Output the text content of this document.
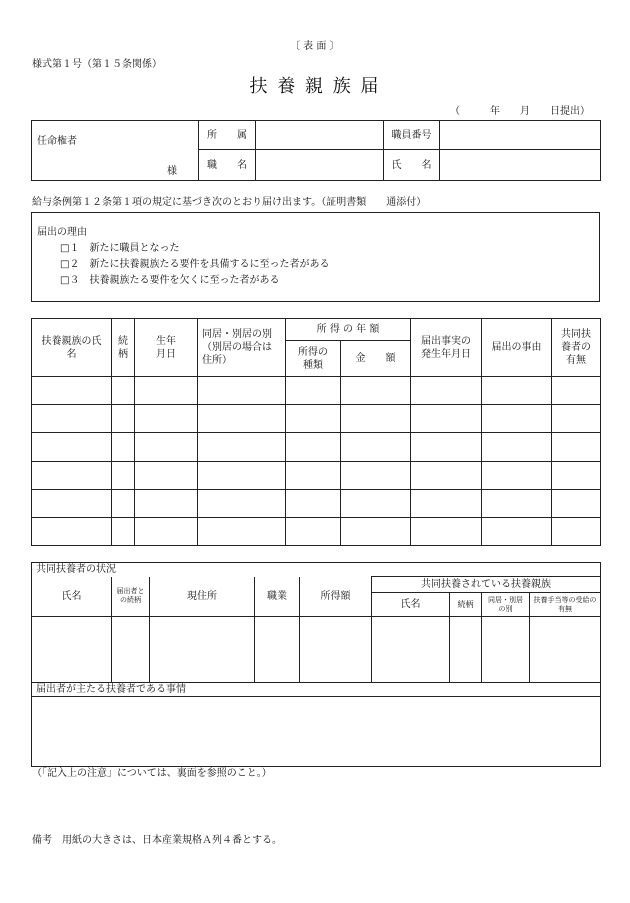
〔 表 面 〕
様式第１号（第１５条関係）
扶 養 親 族 届
（　　　年　　月　　日提出）
任命権者
様	所　　属		職員番号	
	職　　名		氏　　名	
給与条例第１２条第１項の規定に基づき次のとおり届け出ます。（証明書類　　通添付）
届出の理由
□１　新たに職員となった
□２　新たに扶養親族たる要件を具備するに至った者がある
□３　扶養親族たる要件を欠くに至った者がある
扶養親族の氏名	続柄	生年月日	同居・別居の別（別居の場合は住所）	所 得 の 年 額		届出事実の発生年月日	届出の事由	共同扶養者の有無
				所得の種類	金　　額			

共同扶養者の状況								
氏名	届出者との続柄	現住所	職業	所得額	共同扶養されている扶養親族			
					氏名	続柄	同居・別居の別	扶養手当等の受給の有無

届出者が主たる扶養者である事情								

（「記入上の注意」については、裏面を参照のこと。）
備考　用紙の大きさは、日本産業規格Ａ列４番とする。
